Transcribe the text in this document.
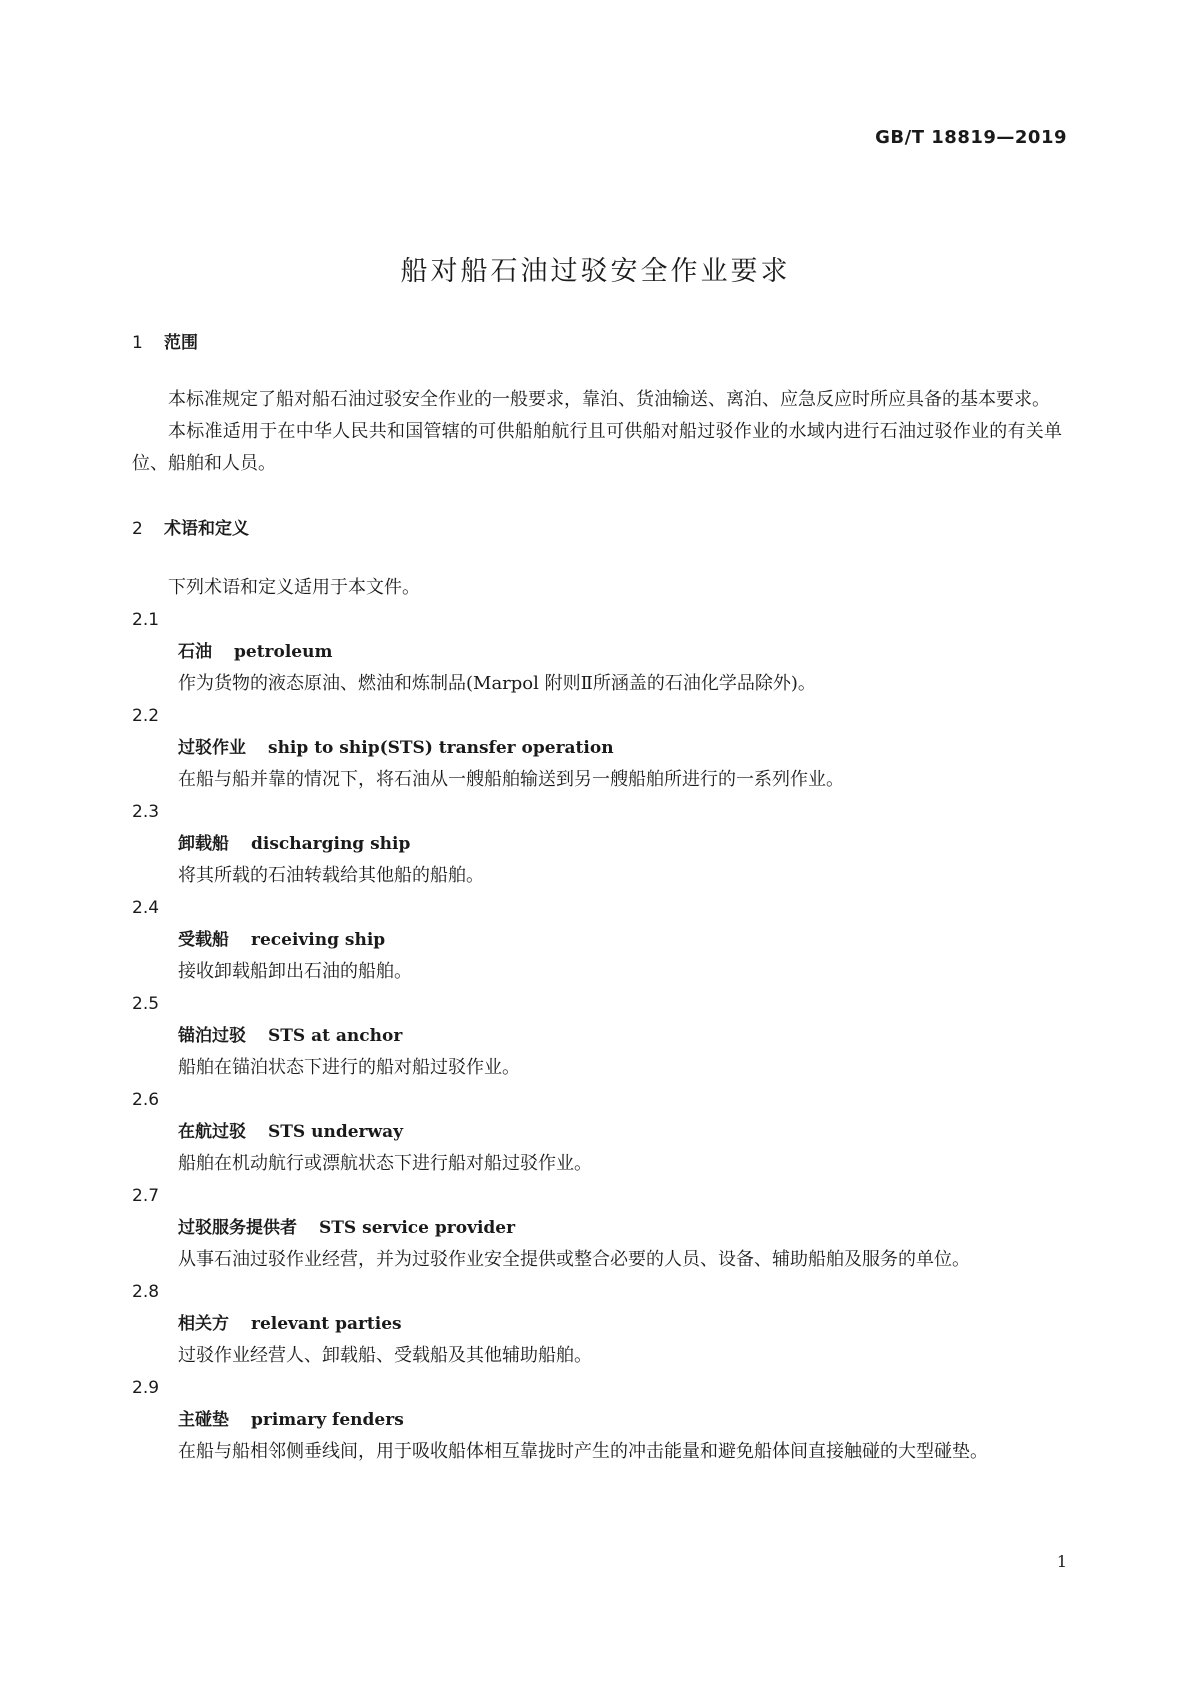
GB/T 18819—2019
船对船石油过驳安全作业要求
1 范围

本标准规定了船对船石油过驳安全作业的一般要求，靠泊、货油输送、离泊、应急反应时所应具备的基本要求。

本标准适用于在中华人民共和国管辖的可供船舶航行且可供船对船过驳作业的水域内进行石油过驳作业的有关单位、船舶和人员。

2 术语和定义

下列术语和定义适用于本文件。

2.1

石油 petroleum

作为货物的液态原油、燃油和炼制品(Marpol 附则Ⅱ所涵盖的石油化学品除外)。

2.2

过驳作业 ship to ship(STS) transfer operation

在船与船并靠的情况下，将石油从一艘船舶输送到另一艘船舶所进行的一系列作业。

2.3

卸载船 discharging ship

将其所载的石油转载给其他船的船舶。

2.4

受载船 receiving ship

接收卸载船卸出石油的船舶。

2.5

锚泊过驳 STS at anchor

船舶在锚泊状态下进行的船对船过驳作业。

2.6

在航过驳 STS underway

船舶在机动航行或漂航状态下进行船对船过驳作业。

2.7

过驳服务提供者 STS service provider

从事石油过驳作业经营，并为过驳作业安全提供或整合必要的人员、设备、辅助船舶及服务的单位。

2.8

相关方 relevant parties

过驳作业经营人、卸载船、受载船及其他辅助船舶。

2.9

主碰垫 primary fenders

在船与船相邻侧垂线间，用于吸收船体相互靠拢时产生的冲击能量和避免船体间直接触碰的大型碰垫。

1
